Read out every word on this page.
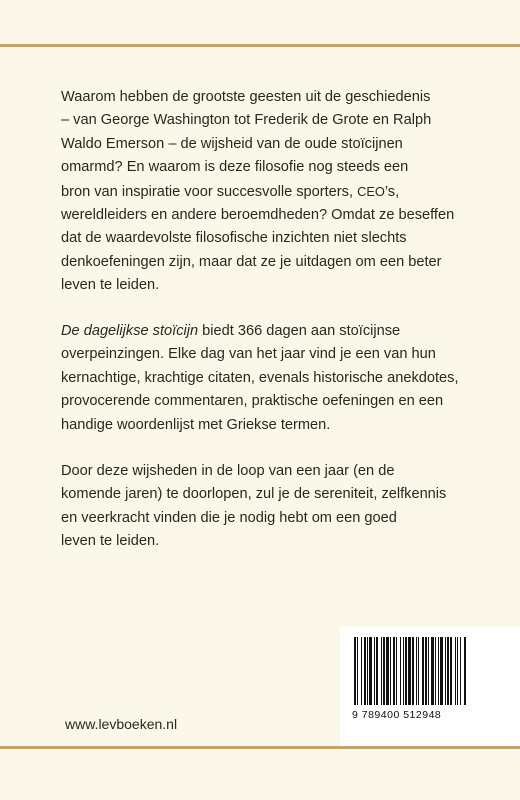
Waarom hebben de grootste geesten uit de geschiedenis
– van George Washington tot Frederik de Grote en Ralph
Waldo Emerson – de wijsheid van de oude stoïcijnen
omarmd? En waarom is deze filosofie nog steeds een
bron van inspiratie voor succesvolle sporters, CEO’s,
wereldleiders en andere beroemdheden? Omdat ze beseffen
dat de waardevolste filosofische inzichten niet slechts
denkoefeningen zijn, maar dat ze je uitdagen om een beter
leven te leiden.

De dagelijkse stoïcijn biedt 366 dagen aan stoïcijnse
overpeinzingen. Elke dag van het jaar vind je een van hun
kernachtige, krachtige citaten, evenals historische anekdotes,
provocerende commentaren, praktische oefeningen en een
handige woordenlijst met Griekse termen.

Door deze wijsheden in de loop van een jaar (en de
komende jaren) te doorlopen, zul je de sereniteit, zelfkennis
en veerkracht vinden die je nodig hebt om een goed
leven te leiden.

www.levboeken.nl
9 789400 512948
